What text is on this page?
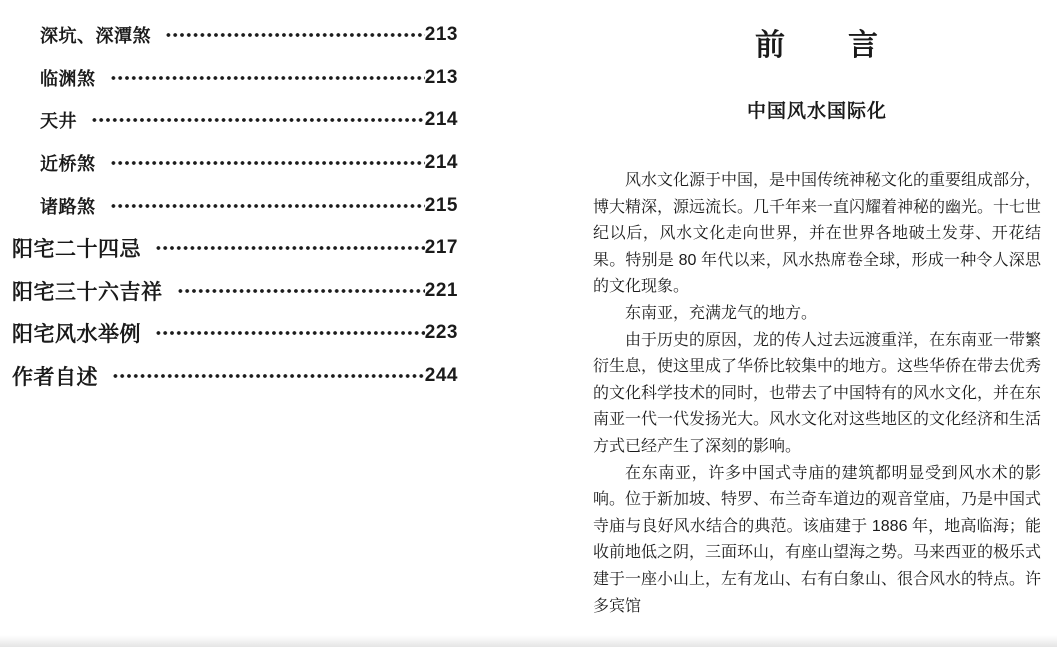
深坑、深潭煞	213
临渊煞	213
天井	214
近桥煞	214
诸路煞	215
阳宅二十四忌	217
阳宅三十六吉祥	221
阳宅风水举例	223
作者自述	244
前　　言
中国风水国际化

风水文化源于中国，是中国传统神秘文化的重要组成部分，博大精深，源远流长。几千年来一直闪耀着神秘的幽光。十七世纪以后，风水文化走向世界，并在世界各地破土发芽、开花结果。特别是 80 年代以来，风水热席卷全球，形成一种令人深思的文化现象。

东南亚，充满龙气的地方。

由于历史的原因，龙的传人过去远渡重洋，在东南亚一带繁衍生息，使这里成了华侨比较集中的地方。这些华侨在带去优秀的文化科学技术的同时，也带去了中国特有的风水文化，并在东南亚一代一代发扬光大。风水文化对这些地区的文化经济和生活方式已经产生了深刻的影响。

在东南亚，许多中国式寺庙的建筑都明显受到风水术的影响。位于新加坡、特罗、布兰奇车道边的观音堂庙，乃是中国式寺庙与良好风水结合的典范。该庙建于 1886 年，地高临海；能收前地低之阴，三面环山，有座山望海之势。马来西亚的极乐式建于一座小山上，左有龙山、右有白象山、很合风水的特点。许多宾馆
